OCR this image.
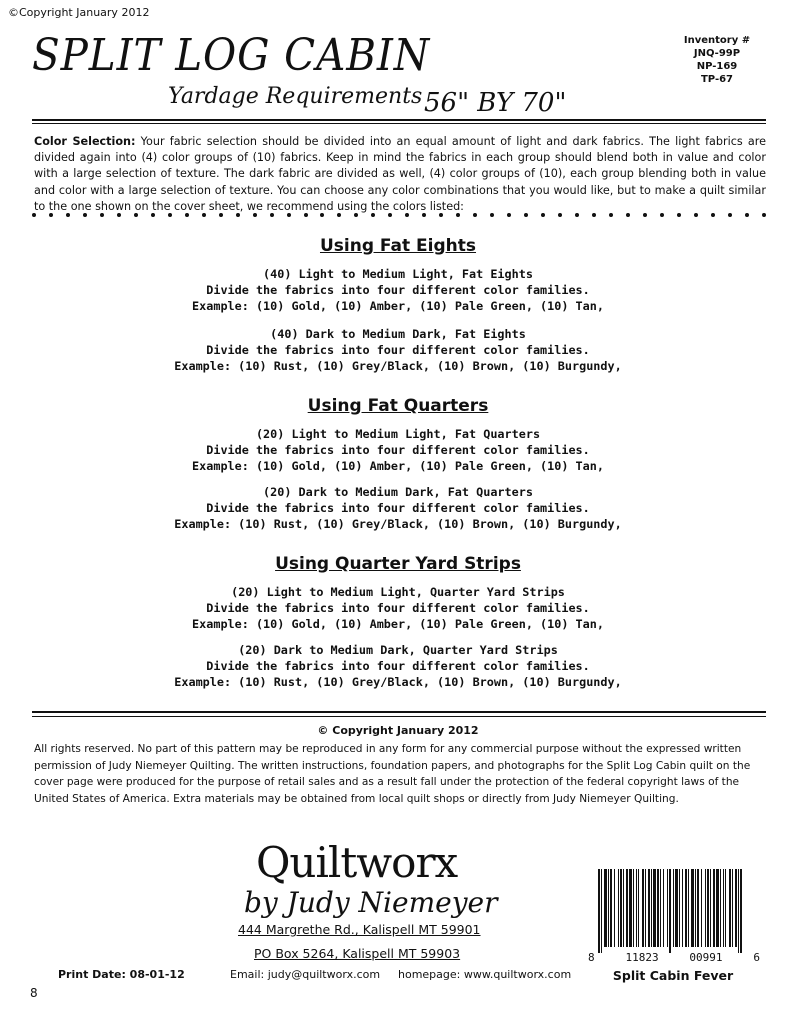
©Copyright January 2012
SPLIT LOG CABIN
Yardage Requirements 56" BY 70"
Inventory #
JNQ-99P
NP-169
TP-67
Color Selection: Your fabric selection should be divided into an equal amount of light and dark fabrics. The light fabrics are divided again into (4) color groups of (10) fabrics. Keep in mind the fabrics in each group should blend both in value and color with a large selection of texture. The dark fabric are divided as well, (4) color groups of (10), each group blending both in value and color with a large selection of texture. You can choose any color combinations that you would like, but to make a quilt similar to the one shown on the cover sheet, we recommend using the colors listed:
Using Fat Eights
(40) Light to Medium Light, Fat Eights
Divide the fabrics into four different color families.
Example: (10) Gold, (10) Amber, (10) Pale Green, (10) Tan,
(40) Dark to Medium Dark, Fat Eights
Divide the fabrics into four different color families.
Example: (10) Rust, (10) Grey/Black, (10) Brown, (10) Burgundy,
Using Fat Quarters
(20) Light to Medium Light, Fat Quarters
Divide the fabrics into four different color families.
Example: (10) Gold, (10) Amber, (10) Pale Green, (10) Tan,
(20) Dark to Medium Dark, Fat Quarters
Divide the fabrics into four different color families.
Example: (10) Rust, (10) Grey/Black, (10) Brown, (10) Burgundy,
Using Quarter Yard Strips
(20) Light to Medium Light, Quarter Yard Strips
Divide the fabrics into four different color families.
Example: (10) Gold, (10) Amber, (10) Pale Green, (10) Tan,
(20) Dark to Medium Dark, Quarter Yard Strips
Divide the fabrics into four different color families.
Example: (10) Rust, (10) Grey/Black, (10) Brown, (10) Burgundy,
© Copyright January 2012
All rights reserved. No part of this pattern may be reproduced in any form for any commercial purpose without the expressed written permission of Judy Niemeyer Quilting. The written instructions, foundation papers, and photographs for the Split Log Cabin quilt on the cover page were produced for the purpose of retail sales and as a result fall under the protection of the federal copyright laws of the United States of America. Extra materials may be obtained from local quilt shops or directly from Judy Niemeyer Quilting.
Quiltworx
by Judy Niemeyer
444 Margrethe Rd., Kalispell MT 59901
PO Box 5264, Kalispell MT 59903
Print Date: 08-01-12	Email: judy@quiltworx.com homepage: www.quiltworx.com
8
8	11823	00991	6
Split Cabin Fever
